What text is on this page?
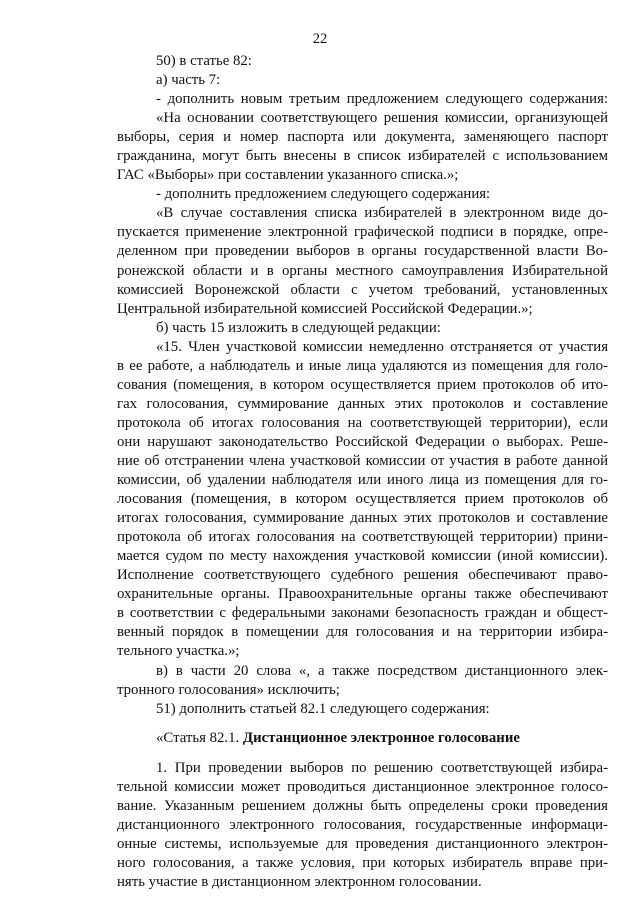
22
50) в статье 82:
а) часть 7:
- дополнить новым третьим предложением следующего содержания:
«На основании соответствующего решения комиссии, организующей
выборы, серия и номер паспорта или документа, заменяющего паспорт
гражданина, могут быть внесены в список избирателей с использованием
ГАС «Выборы» при составлении указанного списка.»;
- дополнить предложением следующего содержания:
«В случае составления списка избирателей в электронном виде до-
пускается применение электронной графической подписи в порядке, опре-
деленном при проведении выборов в органы государственной власти Во-
ронежской области и в органы местного самоуправления Избирательной
комиссией Воронежской области с учетом требований, установленных
Центральной избирательной комиссией Российской Федерации.»;
б) часть 15 изложить в следующей редакции:
«15. Член участковой комиссии немедленно отстраняется от участия
в ее работе, а наблюдатель и иные лица удаляются из помещения для голо-
сования (помещения, в котором осуществляется прием протоколов об ито-
гах голосования, суммирование данных этих протоколов и составление
протокола об итогах голосования на соответствующей территории), если
они нарушают законодательство Российской Федерации о выборах. Реше-
ние об отстранении члена участковой комиссии от участия в работе данной
комиссии, об удалении наблюдателя или иного лица из помещения для го-
лосования (помещения, в котором осуществляется прием протоколов об
итогах голосования, суммирование данных этих протоколов и составление
протокола об итогах голосования на соответствующей территории) прини-
мается судом по месту нахождения участковой комиссии (иной комиссии).
Исполнение соответствующего судебного решения обеспечивают право-
охранительные органы. Правоохранительные органы также обеспечивают
в соответствии с федеральными законами безопасность граждан и общест-
венный порядок в помещении для голосования и на территории избира-
тельного участка.»;
в) в части 20 слова «, а также посредством дистанционного элек-
тронного голосования» исключить;
51) дополнить статьей 82.1 следующего содержания:
«Статья 82.1. Дистанционное электронное голосование
1. При проведении выборов по решению соответствующей избира-
тельной комиссии может проводиться дистанционное электронное голосо-
вание. Указанным решением должны быть определены сроки проведения
дистанционного электронного голосования, государственные информаци-
онные системы, используемые для проведения дистанционного электрон-
ного голосования, а также условия, при которых избиратель вправе при-
нять участие в дистанционном электронном голосовании.
